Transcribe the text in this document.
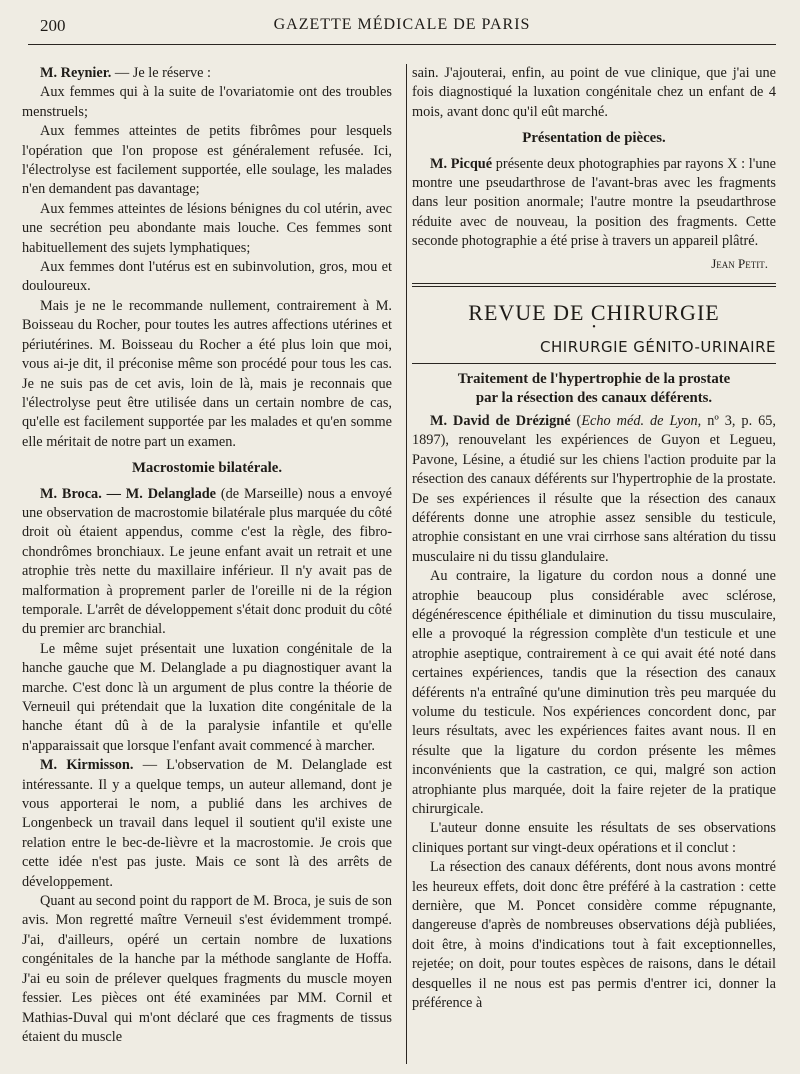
200	GAZETTE MÉDICALE DE PARIS

M. Reynier. — Je le réserve :

Aux femmes qui à la suite de l'ovariatomie ont des troubles menstruels;

Aux femmes atteintes de petits fibrômes pour lesquels l'opération que l'on propose est généralement refusée. Ici, l'électrolyse est facilement supportée, elle soulage, les malades n'en demandent pas davantage;

Aux femmes atteintes de lésions bénignes du col utérin, avec une secrétion peu abondante mais louche. Ces femmes sont habituellement des sujets lymphatiques;

Aux femmes dont l'utérus est en subinvolution, gros, mou et douloureux.

Mais je ne le recommande nullement, contrairement à M. Boisseau du Rocher, pour toutes les autres affections utérines et périutérines. M. Boisseau du Rocher a été plus loin que moi, vous ai-je dit, il préconise même son procédé pour tous les cas. Je ne suis pas de cet avis, loin de là, mais je reconnais que l'électrolyse peut être utilisée dans un certain nombre de cas, qu'elle est facilement supportée par les malades et qu'en somme elle méritait de notre part un examen.

Macrostomie bilatérale.

M. Broca. — M. Delanglade (de Marseille) nous a envoyé une observation de macrostomie bilatérale plus marquée du côté droit où étaient appendus, comme c'est la règle, des fibro-chondrômes bronchiaux. Le jeune enfant avait un retrait et une atrophie très nette du maxillaire inférieur. Il n'y avait pas de malformation à proprement parler de l'oreille ni de la région temporale. L'arrêt de développement s'était donc produit du côté du premier arc branchial.

Le même sujet présentait une luxation congénitale de la hanche gauche que M. Delanglade a pu diagnostiquer avant la marche. C'est donc là un argument de plus contre la théorie de Verneuil qui prétendait que la luxation dite congénitale de la hanche étant dû à de la paralysie infantile et qu'elle n'apparaissait que lorsque l'enfant avait commencé à marcher.

M. Kirmisson. — L'observation de M. Delanglade est intéressante. Il y a quelque temps, un auteur allemand, dont je vous apporterai le nom, a publié dans les archives de Longenbeck un travail dans lequel il soutient qu'il existe une relation entre le bec-de-lièvre et la macrostomie. Je crois que cette idée n'est pas juste. Mais ce sont là des arrêts de développement.

Quant au second point du rapport de M. Broca, je suis de son avis. Mon regretté maître Verneuil s'est évidemment trompé. J'ai, d'ailleurs, opéré un certain nombre de luxations congénitales de la hanche par la méthode sanglante de Hoffa. J'ai eu soin de prélever quelques fragments du muscle moyen fessier. Les pièces ont été examinées par MM. Cornil et Mathias-Duval qui m'ont déclaré que ces fragments de tissus étaient du muscle

sain. J'ajouterai, enfin, au point de vue clinique, que j'ai une fois diagnostiqué la luxation congénitale chez un enfant de 4 mois, avant donc qu'il eût marché.

Présentation de pièces.

M. Picqué présente deux photographies par rayons X : l'une montre une pseudarthrose de l'avant-bras avec les fragments dans leur position anormale; l'autre montre la pseudarthrose réduite avec de nouveau, la position des fragments. Cette seconde photographie a été prise à travers un appareil plâtré.

Jean Petit.
REVUE DE CHIRURGIE
•
CHIRURGIE GÉNITO-URINAIRE
Traitement de l'hypertrophie de la prostate
par la résection des canaux déférents.

M. David de Drézigné (Echo méd. de Lyon, nº 3, p. 65, 1897), renouvelant les expériences de Guyon et Legueu, Pavone, Lésine, a étudié sur les chiens l'action produite par la résection des canaux déférents sur l'hypertrophie de la prostate. De ses expériences il résulte que la résection des canaux déférents donne une atrophie assez sensible du testicule, atrophie consistant en une vrai cirrhose sans altération du tissu musculaire ni du tissu glandulaire.

Au contraire, la ligature du cordon nous a donné une atrophie beaucoup plus considérable avec sclérose, dégénérescence épithéliale et diminution du tissu musculaire, elle a provoqué la régression complète d'un testicule et une atrophie aseptique, contrairement à ce qui avait été noté dans certaines expériences, tandis que la résection des canaux déférents n'a entraîné qu'une diminution très peu marquée du volume du testicule. Nos expériences concordent donc, par leurs résultats, avec les expériences faites avant nous. Il en résulte que la ligature du cordon présente les mêmes inconvénients que la castration, ce qui, malgré son action atrophiante plus marquée, doit la faire rejeter de la pratique chirurgicale.

L'auteur donne ensuite les résultats de ses observations cliniques portant sur vingt-deux opérations et il conclut :

La résection des canaux déférents, dont nous avons montré les heureux effets, doit donc être préféré à la castration : cette dernière, que M. Poncet considère comme répugnante, dangereuse d'après de nombreuses observations déjà publiées, doit être, à moins d'indications tout à fait exceptionnelles, rejetée; on doit, pour toutes espèces de raisons, dans le détail desquelles il ne nous est pas permis d'entrer ici, donner la préférence à
